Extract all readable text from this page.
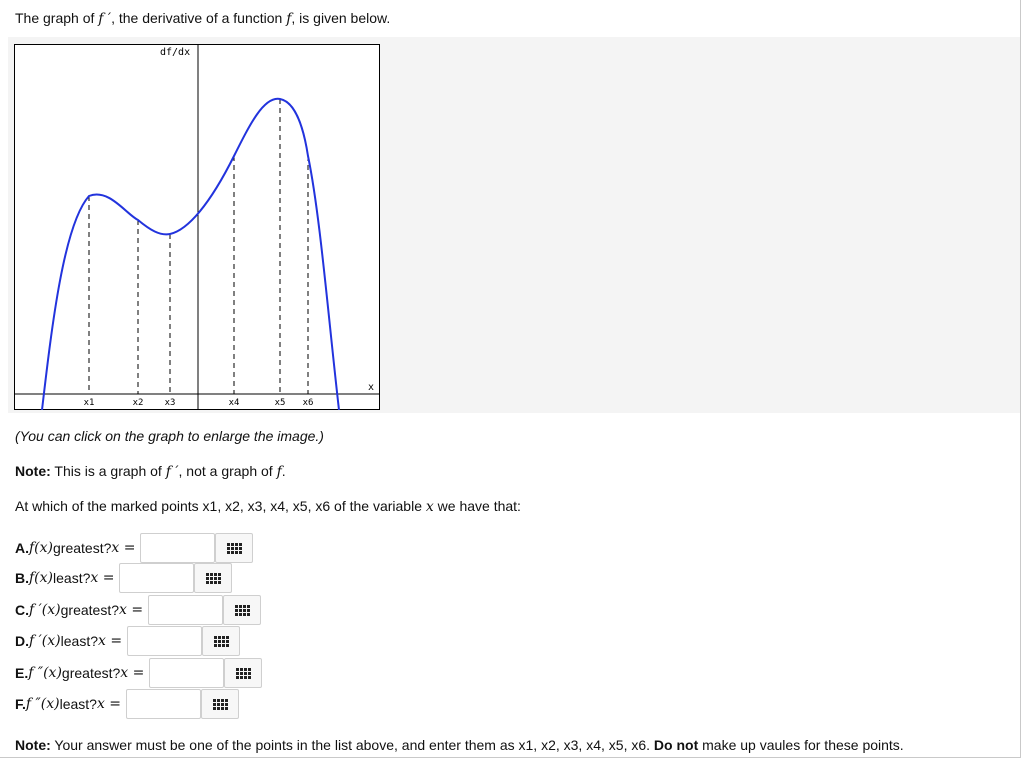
The graph of f ′, the derivative of a function f, is given below.
df/dx
x
x1	x2 x3	x4	x5 x6
(You can click on the graph to enlarge the image.)
Note: This is a graph of f ′, not a graph of f.
At which of the marked points x1, x2, x3, x4, x5, x6 of the variable x we have that:
A. f(x) greatest? x =
B. f(x) least? x =
C. f ′(x) greatest? x =
D. f ′(x) least? x =
E. f ″(x) greatest? x =
F. f ″(x) least? x =
Note: Your answer must be one of the points in the list above, and enter them as x1, x2, x3, x4, x5, x6. Do not make up vaules for these points.
